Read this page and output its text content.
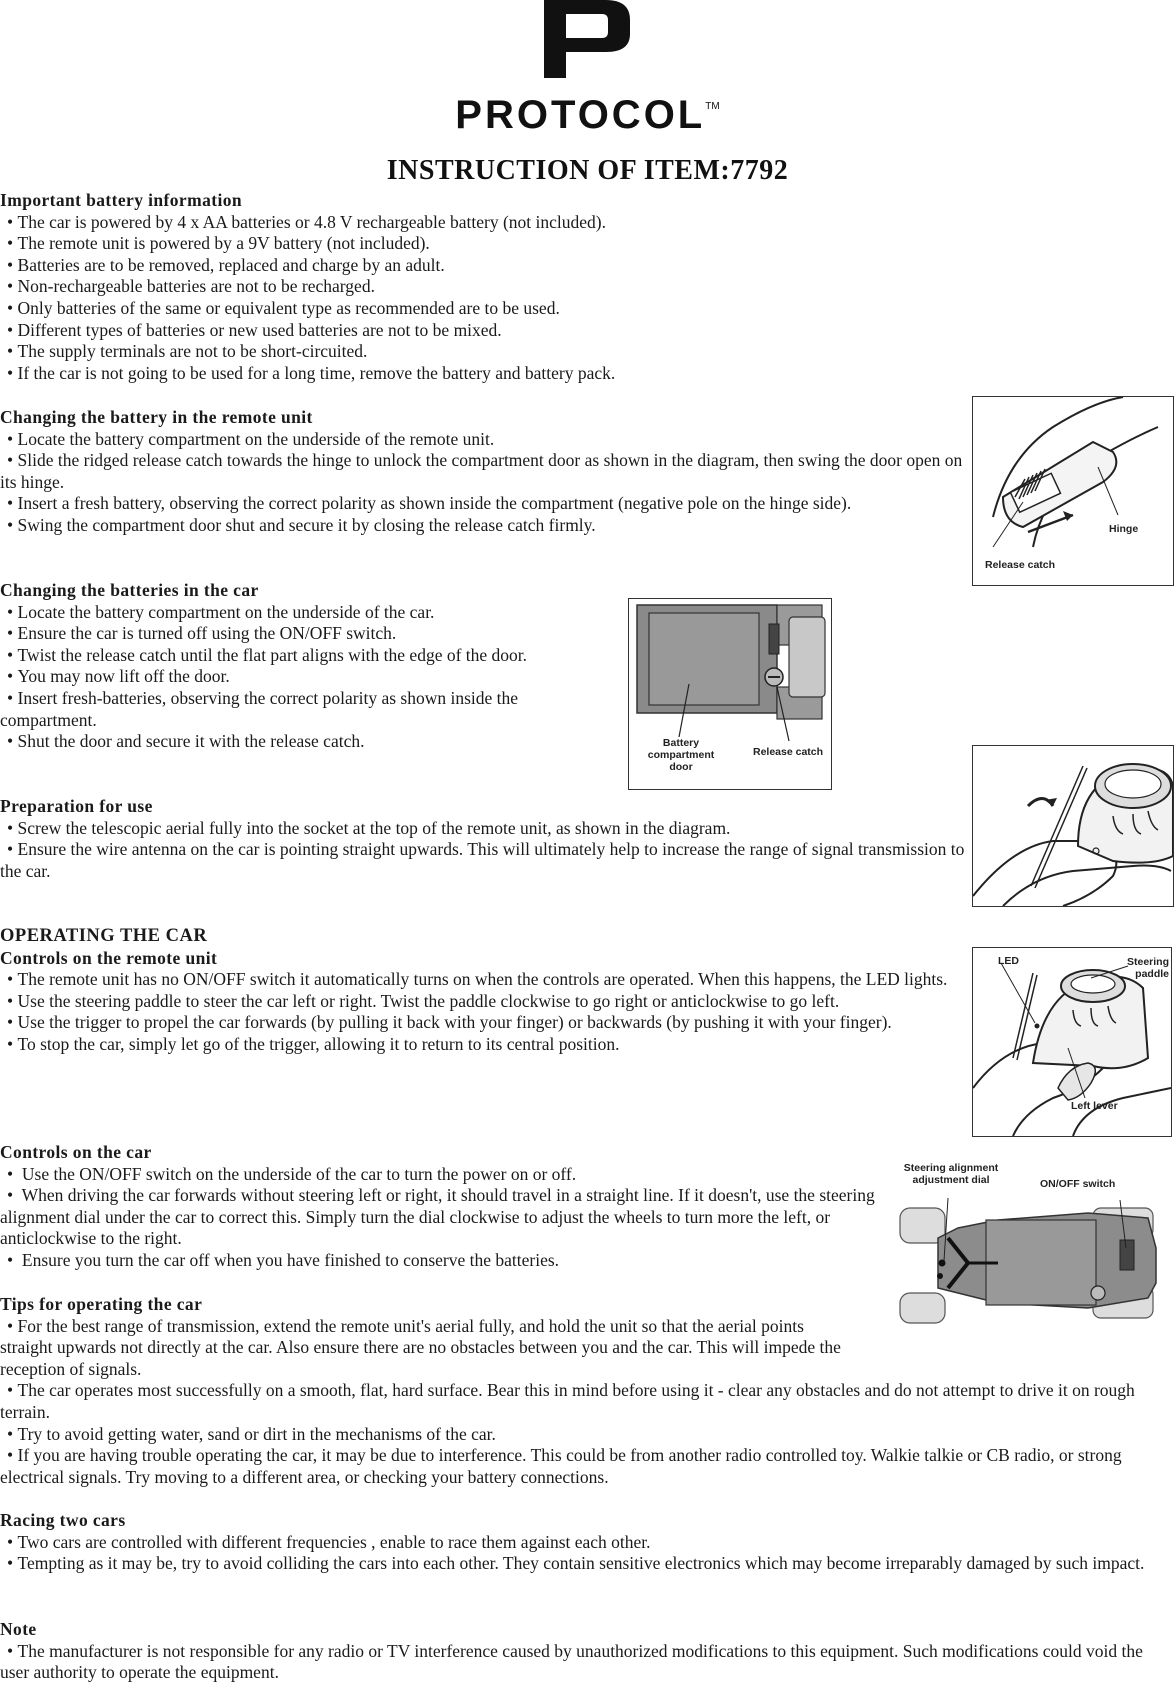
PROTOCOL™
INSTRUCTION OF ITEM:7792
Important battery information
• The car is powered by 4 x AA batteries or 4.8 V rechargeable battery (not included).
• The remote unit is powered by a 9V battery (not included).
• Batteries are to be removed, replaced and charge by an adult.
• Non-rechargeable batteries are not to be recharged.
• Only batteries of the same or equivalent type as recommended are to be used.
• Different types of batteries or new used batteries are not to be mixed.
• The supply terminals are not to be short-circuited.
• If the car is not going to be used for a long time, remove the battery and battery pack.
Changing the battery in the remote unit
• Locate the battery compartment on the underside of the remote unit.
• Slide the ridged release catch towards the hinge to unlock the compartment door as shown in the diagram, then swing the door open on its hinge.
• Insert a fresh battery, observing the correct polarity as shown inside the compartment (negative pole on the hinge side).
• Swing the compartment door shut and secure it by closing the release catch firmly.
Changing the batteries in the car
• Locate the battery compartment on the underside of the car.
• Ensure the car is turned off using the ON/OFF switch.
• Twist the release catch until the flat part aligns with the edge of the door.
• You may now lift off the door.
• Insert fresh-batteries, observing the correct polarity as shown inside the compartment.
• Shut the door and secure it with the release catch.
Preparation for use
• Screw the telescopic aerial fully into the socket at the top of the remote unit, as shown in the diagram.
• Ensure the wire antenna on the car is pointing straight upwards. This will ultimately help to increase the range of signal transmission to the car.
OPERATING THE CAR
Controls on the remote unit
• The remote unit has no ON/OFF switch it automatically turns on when the controls are operated. When this happens, the LED lights.
• Use the steering paddle to steer the car left or right. Twist the paddle clockwise to go right or anticlockwise to go left.
• Use the trigger to propel the car forwards (by pulling it back with your finger) or backwards (by pushing it with your finger).
• To stop the car, simply let go of the trigger, allowing it to return to its central position.
Controls on the car
•  Use the ON/OFF switch on the underside of the car to turn the power on or off.
•  When driving the car forwards without steering left or right, it should travel in a straight line. If it doesn't, use the steering alignment dial under the car to correct this. Simply turn the dial clockwise to adjust the wheels to turn more the left, or anticlockwise to the right.
•  Ensure you turn the car off when you have finished to conserve the batteries.
Tips for operating the car
• For the best range of transmission, extend the remote unit's aerial fully, and hold the unit so that the aerial points straight upwards not directly at the car. Also ensure there are no obstacles between you and the car. This will impede the reception of signals.
• The car operates most successfully on a smooth, flat, hard surface. Bear this in mind before using it - clear any obstacles and do not attempt to drive it on rough terrain.
• Try to avoid getting water, sand or dirt in the mechanisms of the car.
• If you are having trouble operating the car, it may be due to interference. This could be from another radio controlled toy. Walkie talkie or CB radio, or strong electrical signals. Try moving to a different area, or checking your battery connections.
Racing two cars
• Two cars are controlled with different frequencies , enable to race them against each other.
• Tempting as it may be, try to avoid colliding the cars into each other. They contain sensitive electronics which may become irreparably damaged by such impact.
Note
• The manufacturer is not responsible for any radio or TV interference caused by unauthorized modifications to this equipment. Such modifications could void the user authority to operate the equipment.
Release catch
Hinge
Battery compartment door
Release catch
LED	Steering paddle
Left lever
Steering alignment adjustment dial	ON/OFF switch
